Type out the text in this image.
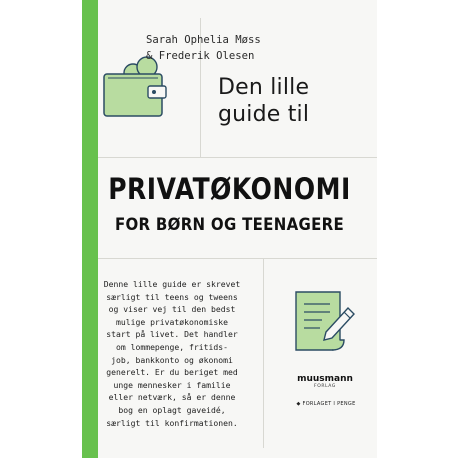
Sarah Ophelia Møss
& Frederik Olesen
Den lille
guide til
PRIVATØKONOMI
FOR BØRN OG TEENAGERE
Denne lille guide er skrevet
særligt til teens og tweens
og viser vej til den bedst
mulige privatøkonomiske
start på livet. Det handler
om lommepenge, fritids-
job, bankkonto og økonomi
generelt. Er du beriget med
unge mennesker i familie
eller netværk, så er denne
bog en oplagt gaveidé,
særligt til konfirmationen.
muusmann
FORLAG
◆ FORLAGET I PENGE
